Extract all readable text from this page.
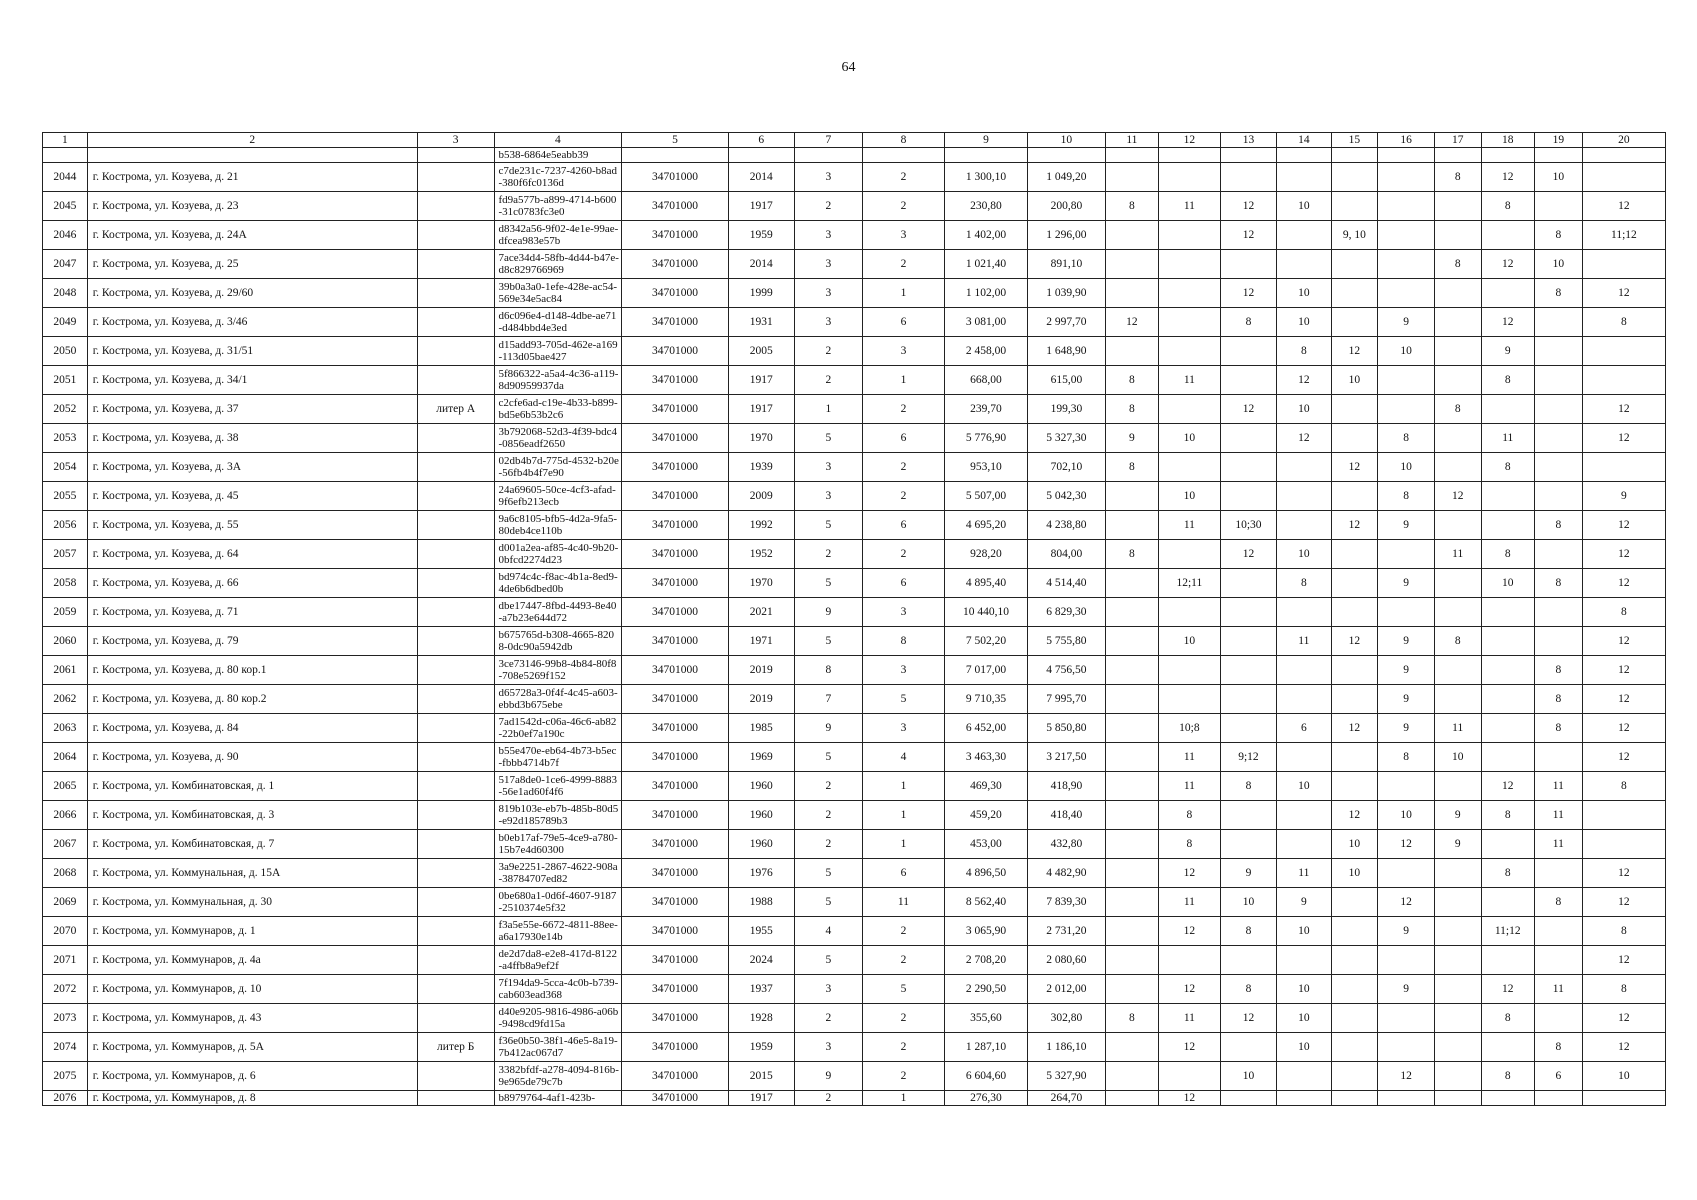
64
1	2	3	4	5	6	7	8	9	10	11	12	13	14	15	16	17	18	19	20
			b538-6864e5eabb39																
2044	г. Кострома, ул. Козуева, д. 21		c7de231c-7237-4260-b8ad-380f6fc0136d	34701000	2014	3	2	1 300,10	1 049,20							8	12	10	
2045	г. Кострома, ул. Козуева, д. 23		fd9a577b-a899-4714-b600-31c0783fc3e0	34701000	1917	2	2	230,80	200,80	8	11	12	10				8		12
2046	г. Кострома, ул. Козуева, д. 24А		d8342a56-9f02-4e1e-99ae-dfcea983e57b	34701000	1959	3	3	1 402,00	1 296,00			12		9, 10				8	11;12
2047	г. Кострома, ул. Козуева, д. 25		7ace34d4-58fb-4d44-b47e-d8c829766969	34701000	2014	3	2	1 021,40	891,10							8	12	10	
2048	г. Кострома, ул. Козуева, д. 29/60		39b0a3a0-1efe-428e-ac54-569e34e5ac84	34701000	1999	3	1	1 102,00	1 039,90			12	10					8	12
2049	г. Кострома, ул. Козуева, д. 3/46		d6c096e4-d148-4dbe-ae71-d484bbd4e3ed	34701000	1931	3	6	3 081,00	2 997,70	12		8	10		9		12		8
2050	г. Кострома, ул. Козуева, д. 31/51		d15add93-705d-462e-a169-113d05bae427	34701000	2005	2	3	2 458,00	1 648,90				8	12	10		9		
2051	г. Кострома, ул. Козуева, д. 34/1		5f866322-a5a4-4c36-a119-8d90959937da	34701000	1917	2	1	668,00	615,00	8	11		12	10			8		
2052	г. Кострома, ул. Козуева, д. 37	литер А	c2cfe6ad-c19e-4b33-b899-bd5e6b53b2c6	34701000	1917	1	2	239,70	199,30	8		12	10			8			12
2053	г. Кострома, ул. Козуева, д. 38		3b792068-52d3-4f39-bdc4-0856eadf2650	34701000	1970	5	6	5 776,90	5 327,30	9	10		12		8		11		12
2054	г. Кострома, ул. Козуева, д. 3А		02db4b7d-775d-4532-b20e-56fb4b4f7e90	34701000	1939	3	2	953,10	702,10	8				12	10		8		
2055	г. Кострома, ул. Козуева, д. 45		24a69605-50ce-4cf3-afad-9f6efb213ecb	34701000	2009	3	2	5 507,00	5 042,30		10				8	12			9
2056	г. Кострома, ул. Козуева, д. 55		9a6c8105-bfb5-4d2a-9fa5-80deb4ce110b	34701000	1992	5	6	4 695,20	4 238,80		11	10;30		12	9			8	12
2057	г. Кострома, ул. Козуева, д. 64		d001a2ea-af85-4c40-9b20-0bfcd2274d23	34701000	1952	2	2	928,20	804,00	8		12	10			11	8		12
2058	г. Кострома, ул. Козуева, д. 66		bd974c4c-f8ac-4b1a-8ed9-4de6b6dbed0b	34701000	1970	5	6	4 895,40	4 514,40		12;11		8		9		10	8	12
2059	г. Кострома, ул. Козуева, д. 71		dbe17447-8fbd-4493-8e40-a7b23e644d72	34701000	2021	9	3	10 440,10	6 829,30										8
2060	г. Кострома, ул. Козуева, д. 79		b675765d-b308-4665-8208-0dc90a5942db	34701000	1971	5	8	7 502,20	5 755,80		10		11	12	9	8			12
2061	г. Кострома, ул. Козуева, д. 80 кор.1		3ce73146-99b8-4b84-80f8-708e5269f152	34701000	2019	8	3	7 017,00	4 756,50						9			8	12
2062	г. Кострома, ул. Козуева, д. 80 кор.2		d65728a3-0f4f-4c45-a603-ebbd3b675ebe	34701000	2019	7	5	9 710,35	7 995,70						9			8	12
2063	г. Кострома, ул. Козуева, д. 84		7ad1542d-c06a-46c6-ab82-22b0ef7a190c	34701000	1985	9	3	6 452,00	5 850,80		10;8		6	12	9	11		8	12
2064	г. Кострома, ул. Козуева, д. 90		b55e470e-eb64-4b73-b5ec-fbbb4714b7f	34701000	1969	5	4	3 463,30	3 217,50		11	9;12			8	10			12
2065	г. Кострома, ул. Комбинатовская, д. 1		517a8de0-1ce6-4999-8883-56e1ad60f4f6	34701000	1960	2	1	469,30	418,90		11	8	10				12	11	8
2066	г. Кострома, ул. Комбинатовская, д. 3		819b103e-eb7b-485b-80d5-e92d185789b3	34701000	1960	2	1	459,20	418,40		8			12	10	9	8	11	
2067	г. Кострома, ул. Комбинатовская, д. 7		b0eb17af-79e5-4ce9-a780-15b7e4d60300	34701000	1960	2	1	453,00	432,80		8			10	12	9		11	
2068	г. Кострома, ул. Коммунальная, д. 15А		3a9e2251-2867-4622-908a-38784707ed82	34701000	1976	5	6	4 896,50	4 482,90		12	9	11	10			8		12
2069	г. Кострома, ул. Коммунальная, д. 30		0be680a1-0d6f-4607-9187-2510374e5f32	34701000	1988	5	11	8 562,40	7 839,30		11	10	9		12			8	12
2070	г. Кострома, ул. Коммунаров, д. 1		f3a5e55e-6672-4811-88ee-a6a17930e14b	34701000	1955	4	2	3 065,90	2 731,20		12	8	10		9		11;12		8
2071	г. Кострома, ул. Коммунаров, д. 4а		de2d7da8-e2e8-417d-8122-a4ffb8a9ef2f	34701000	2024	5	2	2 708,20	2 080,60										12
2072	г. Кострома, ул. Коммунаров, д. 10		7f194da9-5cca-4c0b-b739-cab603ead368	34701000	1937	3	5	2 290,50	2 012,00		12	8	10		9		12	11	8
2073	г. Кострома, ул. Коммунаров, д. 43		d40e9205-9816-4986-a06b-9498cd9fd15a	34701000	1928	2	2	355,60	302,80	8	11	12	10				8		12
2074	г. Кострома, ул. Коммунаров, д. 5А	литер Б	f36e0b50-38f1-46e5-8a19-7b412ac067d7	34701000	1959	3	2	1 287,10	1 186,10		12		10					8	12
2075	г. Кострома, ул. Коммунаров, д. 6		3382bfdf-a278-4094-816b-9e965de79c7b	34701000	2015	9	2	6 604,60	5 327,90			10			12		8	6	10
2076	г. Кострома, ул. Коммунаров, д. 8		b8979764-4af1-423b-	34701000	1917	2	1	276,30	264,70		12								
